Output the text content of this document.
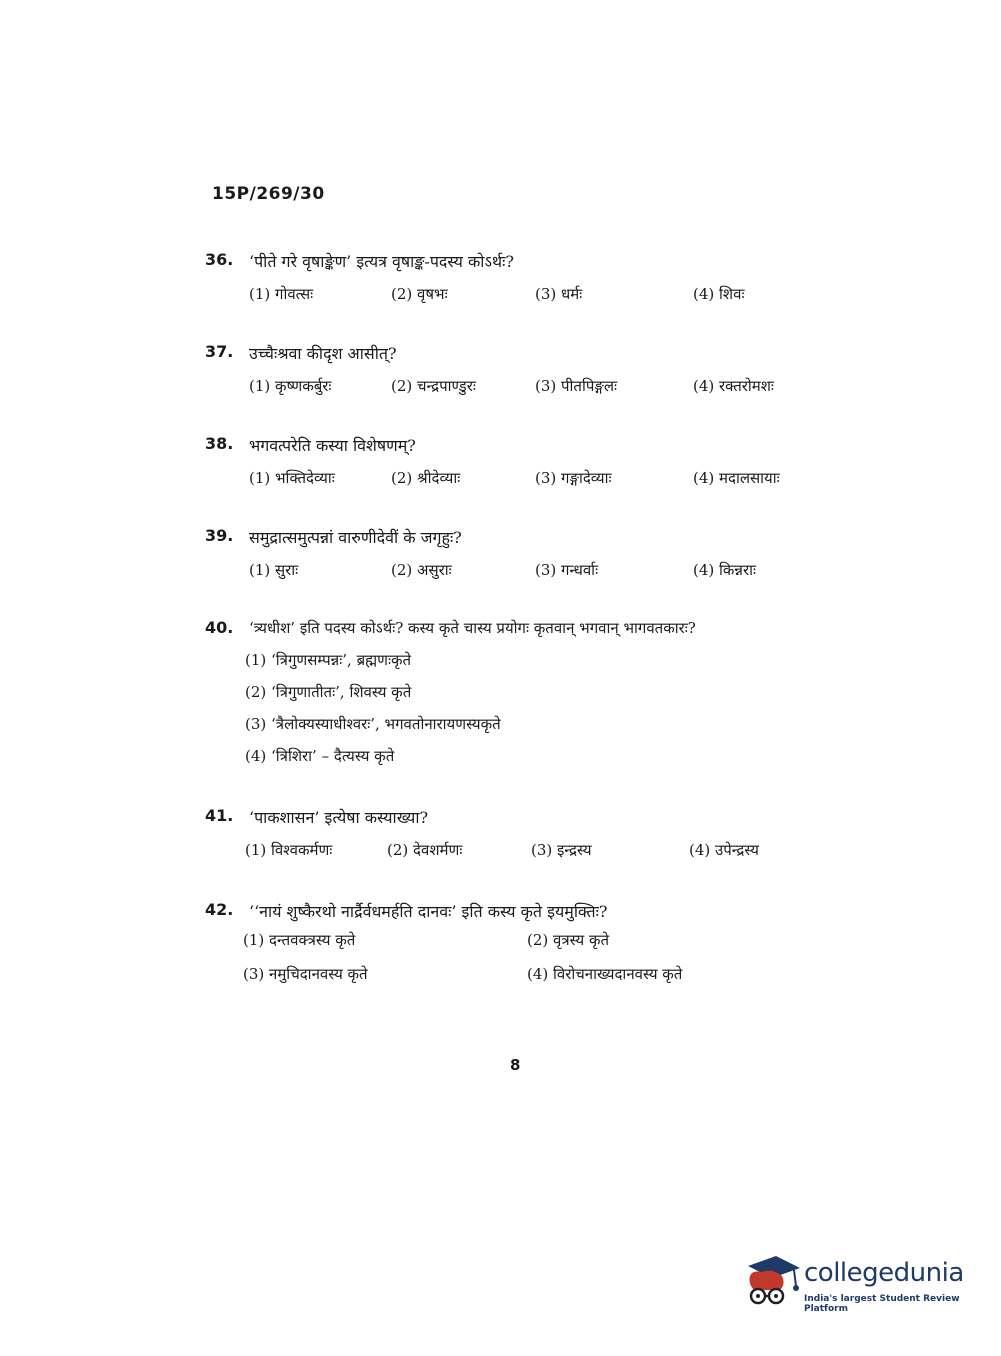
15P/269/30
36. ‘पीते गरे वृषाङ्केण’ इत्यत्र वृषाङ्क-पदस्य कोऽर्थः?
(1) गोवत्सः	(2) वृषभः	(3) धर्मः	(4) शिवः
37. उच्चैःश्रवा कीदृश आसीत्?
(1) कृष्णकर्बुरः	(2) चन्द्रपाण्डुरः	(3) पीतपिङ्गलः	(4) रक्तरोमशः
38. भगवत्परेति कस्या विशेषणम्?
(1) भक्तिदेव्याः	(2) श्रीदेव्याः	(3) गङ्गादेव्याः	(4) मदालसायाः
39. समुद्रात्समुत्पन्नां वारुणीदेवीं के जगृहुः?
(1) सुराः	(2) असुराः	(3) गन्धर्वाः	(4) किन्नराः
40. ‘त्र्यधीश’ इति पदस्य कोऽर्थः? कस्य कृते चास्य प्रयोगः कृतवान् भगवान् भागवतकारः?
(1) ‘त्रिगुणसम्पन्नः’, ब्रह्मणःकृते
(2) ‘त्रिगुणातीतः’, शिवस्य कृते
(3) ‘त्रैलोक्यस्याधीश्वरः’, भगवतोनारायणस्यकृते
(4) ‘त्रिशिरा’ – दैत्यस्य कृते
41. ‘पाकशासन’ इत्येषा कस्याख्या?
(1) विश्वकर्मणः	(2) देवशर्मणः	(3) इन्द्रस्य	(4) उपेन्द्रस्य
42. ‘‘नायं शुष्कैरथो नार्द्रैर्वधमर्हति दानवः’ इति कस्य कृते इयमुक्तिः?
(1) दन्तवक्त्रस्य कृते	(2) वृत्रस्य कृते
(3) नमुचिदानवस्य कृते	(4) विरोचनाख्यदानवस्य कृते
8
collegedunia
India's largest Student Review Platform
